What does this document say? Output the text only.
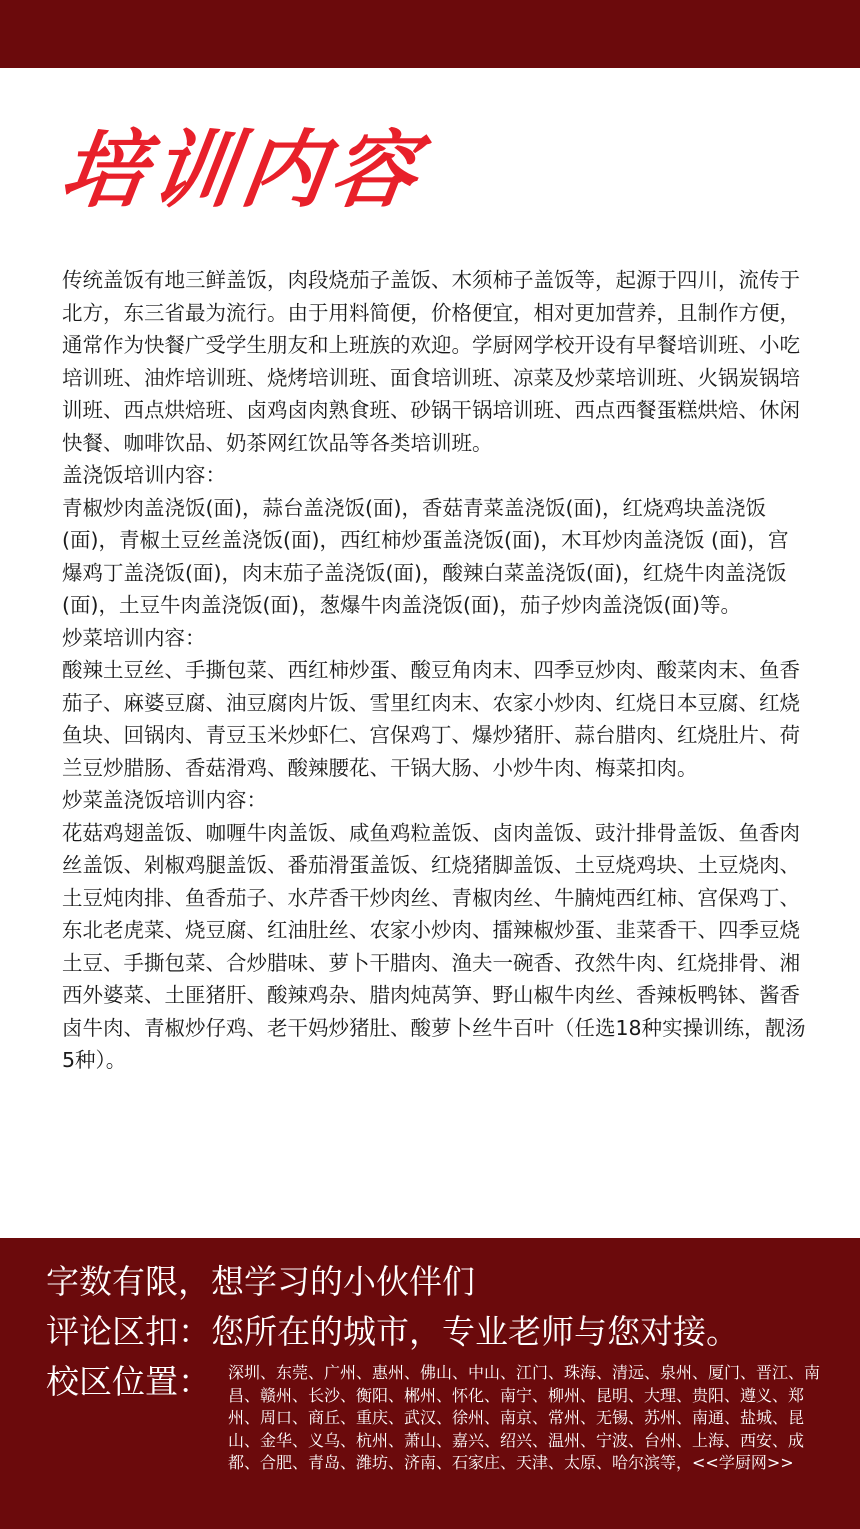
培训内容

传统盖饭有地三鲜盖饭，肉段烧茄子盖饭、木须柿子盖饭等，起源于四川，流传于北方，东三省最为流行。由于用料简便，价格便宜，相对更加营养，且制作方便，通常作为快餐广受学生朋友和上班族的欢迎。学厨网学校开设有早餐培训班、小吃培训班、油炸培训班、烧烤培训班、面食培训班、凉菜及炒菜培训班、火锅炭锅培训班、西点烘焙班、卤鸡卤肉熟食班、砂锅干锅培训班、西点西餐蛋糕烘焙、休闲快餐、咖啡饮品、奶茶网红饮品等各类培训班。

盖浇饭培训内容：

青椒炒肉盖浇饭(面)，蒜台盖浇饭(面)，香菇青菜盖浇饭(面)，红烧鸡块盖浇饭(面)，青椒土豆丝盖浇饭(面)，西红柿炒蛋盖浇饭(面)，木耳炒肉盖浇饭 (面)，宫爆鸡丁盖浇饭(面)，肉末茄子盖浇饭(面)，酸辣白菜盖浇饭(面)，红烧牛肉盖浇饭(面)，土豆牛肉盖浇饭(面)，葱爆牛肉盖浇饭(面)，茄子炒肉盖浇饭(面)等。

炒菜培训内容：

酸辣土豆丝、手撕包菜、西红柿炒蛋、酸豆角肉末、四季豆炒肉、酸菜肉末、鱼香茄子、麻婆豆腐、油豆腐肉片饭、雪里红肉末、农家小炒肉、红烧日本豆腐、红烧鱼块、回锅肉、青豆玉米炒虾仁、宫保鸡丁、爆炒猪肝、蒜台腊肉、红烧肚片、荷兰豆炒腊肠、香菇滑鸡、酸辣腰花、干锅大肠、小炒牛肉、梅菜扣肉。

炒菜盖浇饭培训内容：

花菇鸡翅盖饭、咖喱牛肉盖饭、咸鱼鸡粒盖饭、卤肉盖饭、豉汁排骨盖饭、鱼香肉丝盖饭、剁椒鸡腿盖饭、番茄滑蛋盖饭、红烧猪脚盖饭、土豆烧鸡块、土豆烧肉、土豆炖肉排、鱼香茄子、水芹香干炒肉丝、青椒肉丝、牛腩炖西红柿、宫保鸡丁、东北老虎菜、烧豆腐、红油肚丝、农家小炒肉、擂辣椒炒蛋、韭菜香干、四季豆烧土豆、手撕包菜、合炒腊味、萝卜干腊肉、渔夫一碗香、孜然牛肉、红烧排骨、湘西外婆菜、土匪猪肝、酸辣鸡杂、腊肉炖莴笋、野山椒牛肉丝、香辣板鸭钵、酱香卤牛肉、青椒炒仔鸡、老干妈炒猪肚、酸萝卜丝牛百叶（任选18种实操训练，靓汤5种）。

字数有限，想学习的小伙伴们
评论区扣：您所在的城市，专业老师与您对接。
校区位置： 深圳、东莞、广州、惠州、佛山、中山、江门、珠海、清远、泉州、厦门、晋江、南昌、赣州、长沙、衡阳、郴州、怀化、南宁、柳州、昆明、大理、贵阳、遵义、郑州、周口、商丘、重庆、武汉、徐州、南京、常州、无锡、苏州、南通、盐城、昆山、金华、义乌、杭州、萧山、嘉兴、绍兴、温州、宁波、台州、上海、西安、成都、合肥、青岛、潍坊、济南、石家庄、天津、太原、哈尔滨等，<<学厨网>>
